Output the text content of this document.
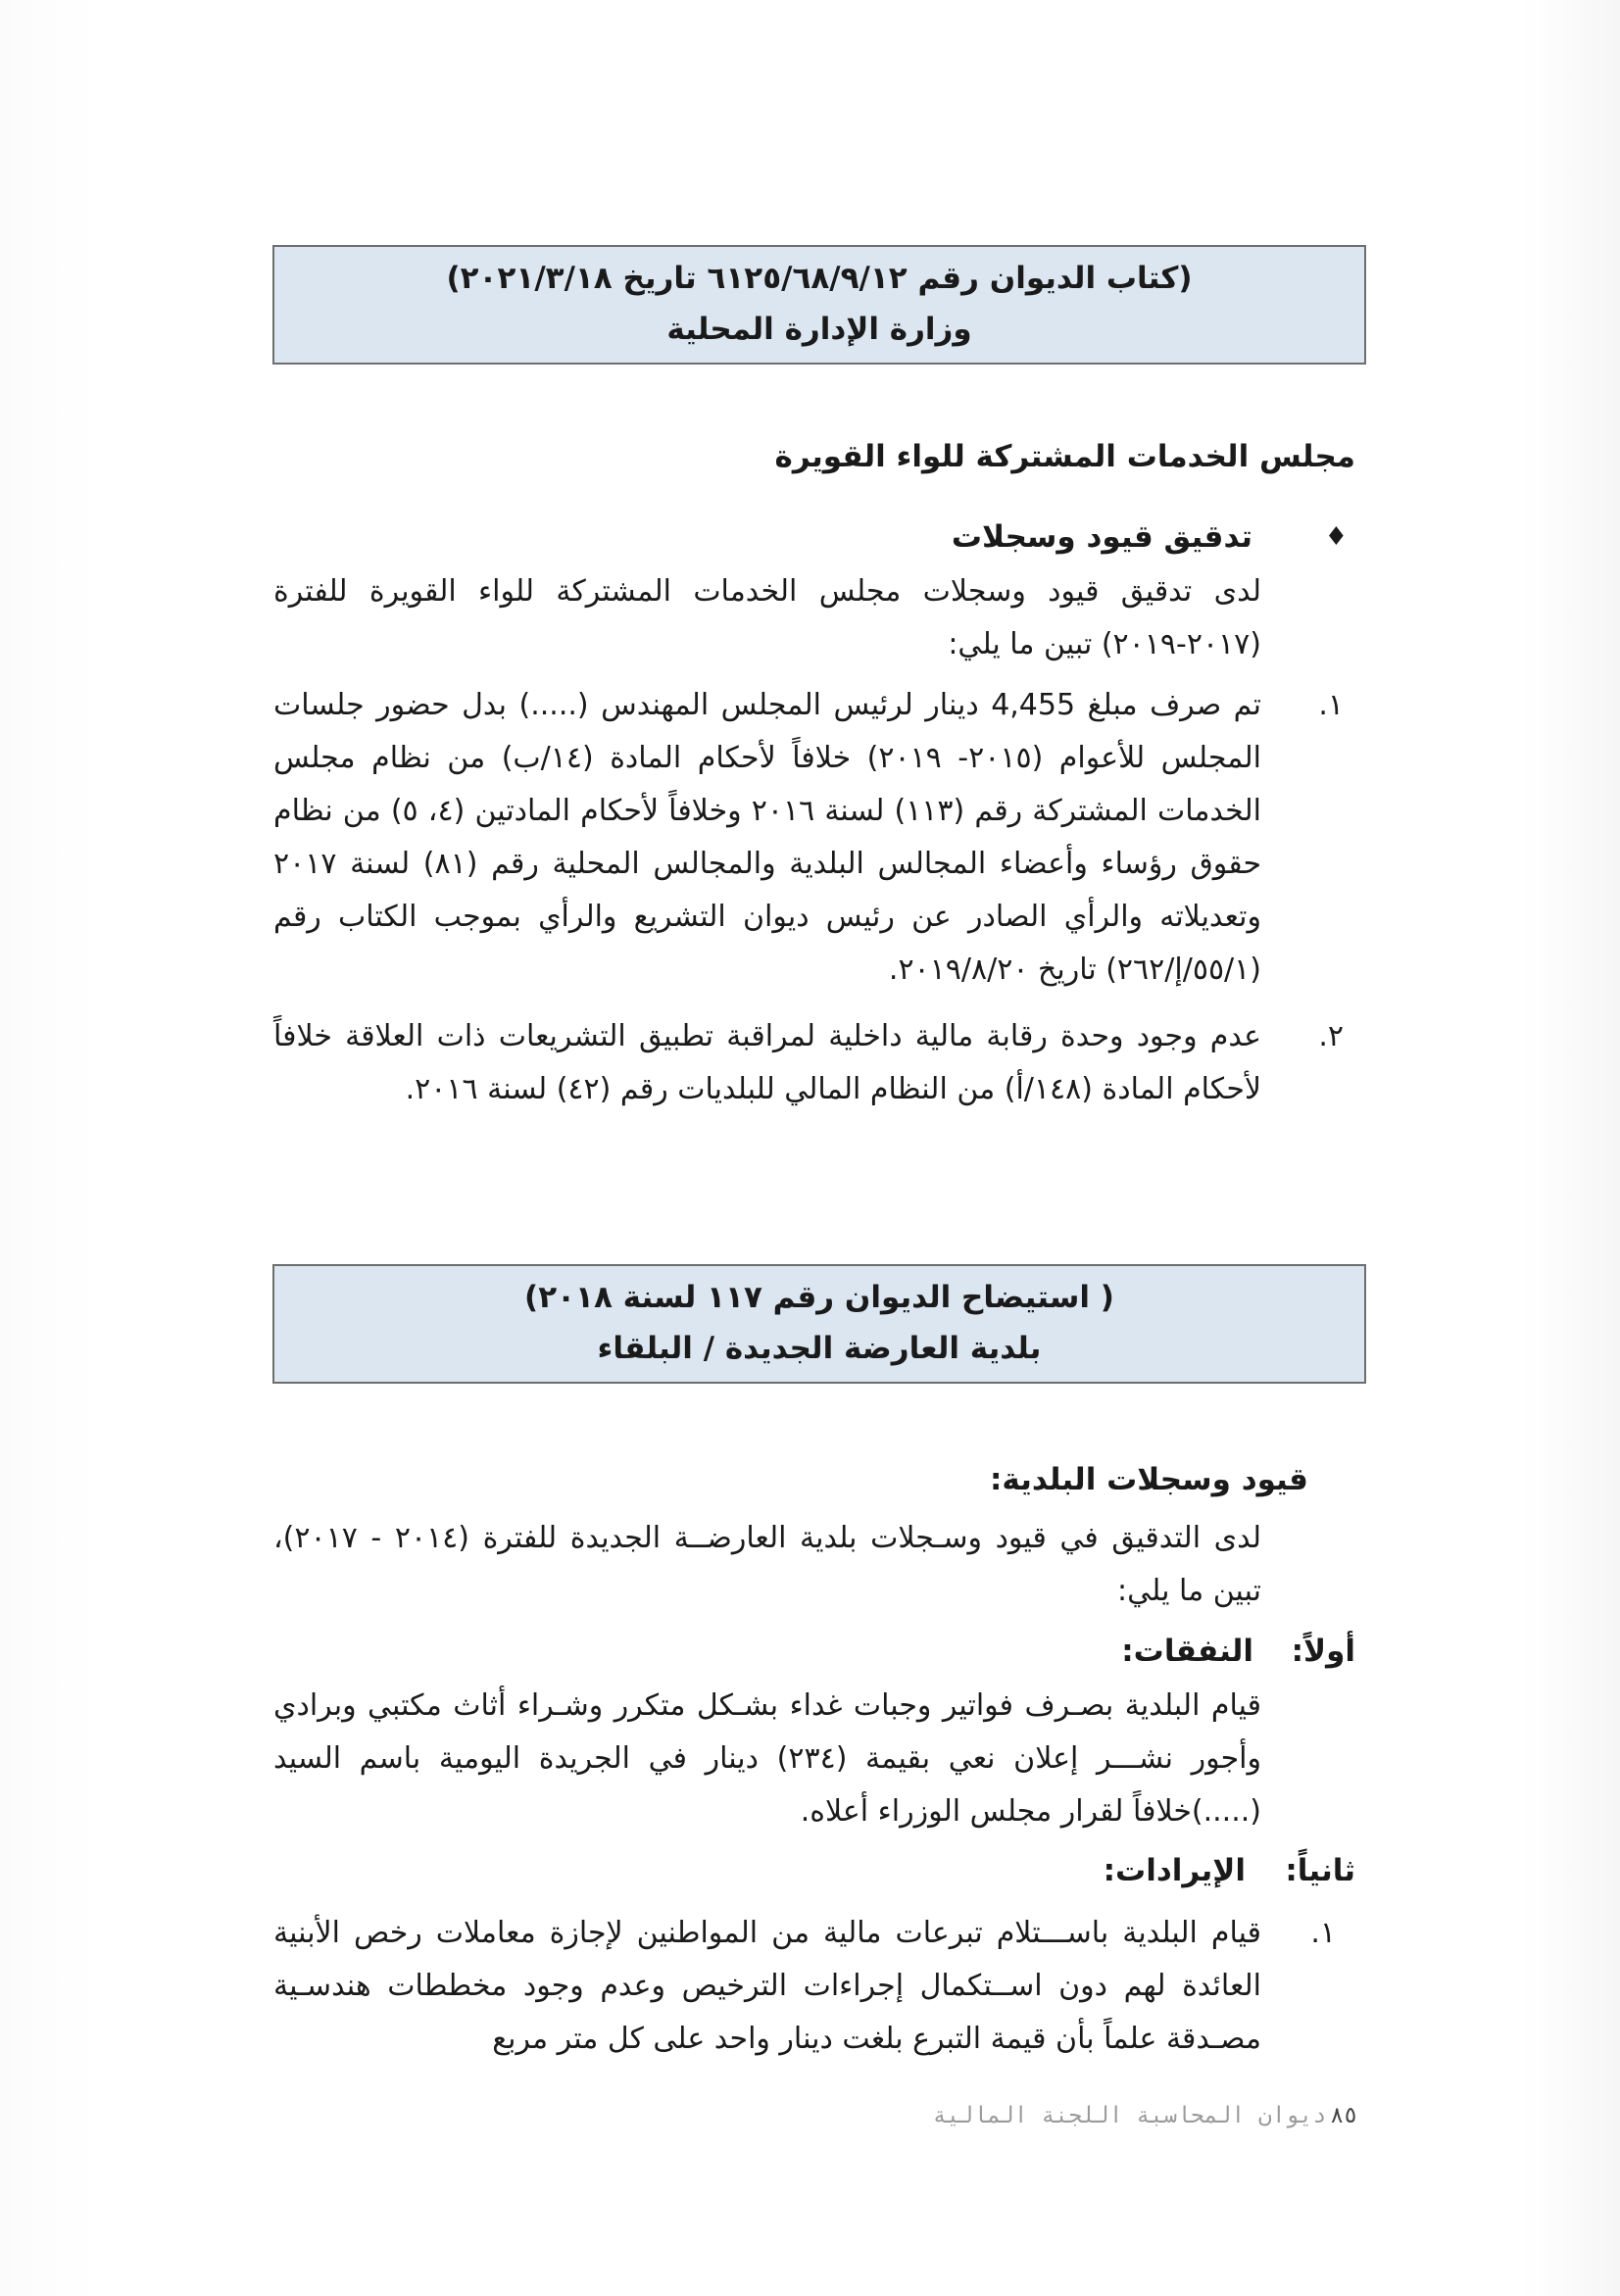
(كتاب الديوان رقم ٦١٢٥/٦٨/٩/١٢ تاريخ ٢٠٢١/٣/١٨)
وزارة الإدارة المحلية
مجلس الخدمات المشتركة للواء القويرة
♦
تدقيق قيود وسجلات
لدى تدقيق قيود وسجلات مجلس الخدمات المشتركة للواء القويرة للفترة (٢٠١٧-٢٠١٩) تبين ما يلي:
١.
تم صرف مبلغ 4,455 دينار لرئيس المجلس المهندس (.....) بدل حضور جلسات المجلس للأعوام (٢٠١٥- ٢٠١٩) خلافاً لأحكام المادة (١٤/ب) من نظام مجلس الخدمات المشتركة رقم (١١٣) لسنة ٢٠١٦ وخلافاً لأحكام المادتين (٤، ٥) من نظام حقوق رؤساء وأعضاء المجالس البلدية والمجالس المحلية رقم (٨١) لسنة ٢٠١٧ وتعديلاته والرأي الصادر عن رئيس ديوان التشريع والرأي بموجب الكتاب رقم (٥٥/١/إ/٢٦٢) تاريخ ٢٠١٩/٨/٢٠.
٢.
عدم وجود وحدة رقابة مالية داخلية لمراقبة تطبيق التشريعات ذات العلاقة خلافاً لأحكام المادة (١٤٨/أ) من النظام المالي للبلديات رقم (٤٢) لسنة ٢٠١٦.
( استيضاح الديوان رقم ١١٧ لسنة ٢٠١٨)
بلدية العارضة الجديدة / البلقاء
قيود وسجلات البلدية:
لدى التدقيق في قيود وسـجلات بلدية العارضــة الجديدة للفترة (٢٠١٤ - ٢٠١٧)، تبين ما يلي:
أولاً:
النفقات:
قيام البلدية بصـرف فواتير وجبات غداء بشـكل متكرر وشـراء أثاث مكتبي وبرادي وأجور نشـــر إعلان نعي بقيمة (٢٣٤) دينار في الجريدة اليومية باسم السيد (.....)خلافاً لقرار مجلس الوزراء أعلاه.
ثانياً:
الإيرادات:
١.
قيام البلدية باســـتلام تبرعات مالية من المواطنين لإجازة معاملات رخص الأبنية العائدة لهم دون اســتكمال إجراءات الترخيص وعدم وجود مخططات هندسـية مصـدقة علماً بأن قيمة التبرع بلغت دينار واحد على كل متر مربع
٨٥ديوان المحاسبة اللجنة المالية
